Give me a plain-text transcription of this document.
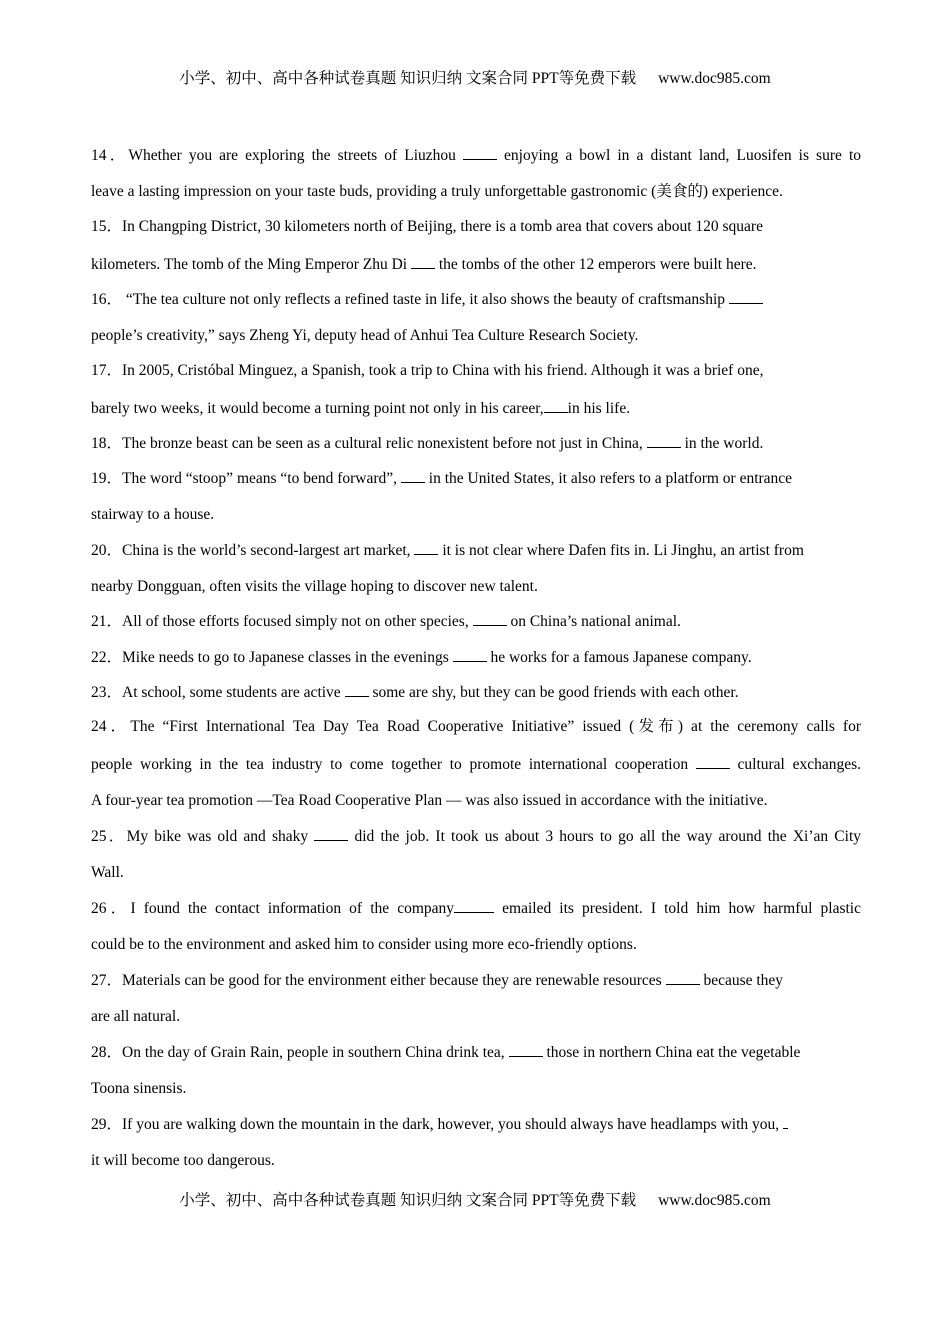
小学、初中、高中各种试卷真题 知识归纳 文案合同 PPT等免费下载 www.doc985.com
14．Whether you are exploring the streets of Liuzhou  enjoying a bowl in a distant land, Luosifen is sure to
leave a lasting impression on your taste buds, providing a truly unforgettable gastronomic (美食的) experience.
15．In Changping District, 30 kilometers north of Beijing, there is a tomb area that covers about 120 square
kilometers. The tomb of the Ming Emperor Zhu Di  the tombs of the other 12 emperors were built here.
16． “The tea culture not only reflects a refined taste in life, it also shows the beauty of craftsmanship
people’s creativity,” says Zheng Yi, deputy head of Anhui Tea Culture Research Society.
17．In 2005, Cristóbal Minguez, a Spanish, took a trip to China with his friend. Although it was a brief one,
barely two weeks, it would become a turning point not only in his career, in his life.
18．The bronze beast can be seen as a cultural relic nonexistent before not just in China,  in the world.
19．The word “stoop” means “to bend forward”,  in the United States, it also refers to a platform or entrance
stairway to a house.
20．China is the world’s second-largest art market,  it is not clear where Dafen fits in. Li Jinghu, an artist from
nearby Dongguan, often visits the village hoping to discover new talent.
21．All of those efforts focused simply not on other species,  on China’s national animal.
22．Mike needs to go to Japanese classes in the evenings  he works for a famous Japanese company.
23．At school, some students are active  some are shy, but they can be good friends with each other.
24．The “First International Tea Day Tea Road Cooperative Initiative” issued (发布) at the ceremony calls for
people working in the tea industry to come together to promote international cooperation  cultural exchanges.
A four-year tea promotion —Tea Road Cooperative Plan — was also issued in accordance with the initiative.
25．My bike was old and shaky  did the job. It took us about 3 hours to go all the way around the Xi’an City
Wall.
26．I found the contact information of the company	emailed its president. I told him how harmful plastic
could be to the environment and asked him to consider using more eco-friendly options.
27．Materials can be good for the environment either because they are renewable resources  because they
are all natural.
28．On the day of Grain Rain, people in southern China drink tea,  those in northern China eat the vegetable
Toona sinensis.
29．If you are walking down the mountain in the dark, however, you should always have headlamps with you,
it will become too dangerous.
小学、初中、高中各种试卷真题 知识归纳 文案合同 PPT等免费下载 www.doc985.com
